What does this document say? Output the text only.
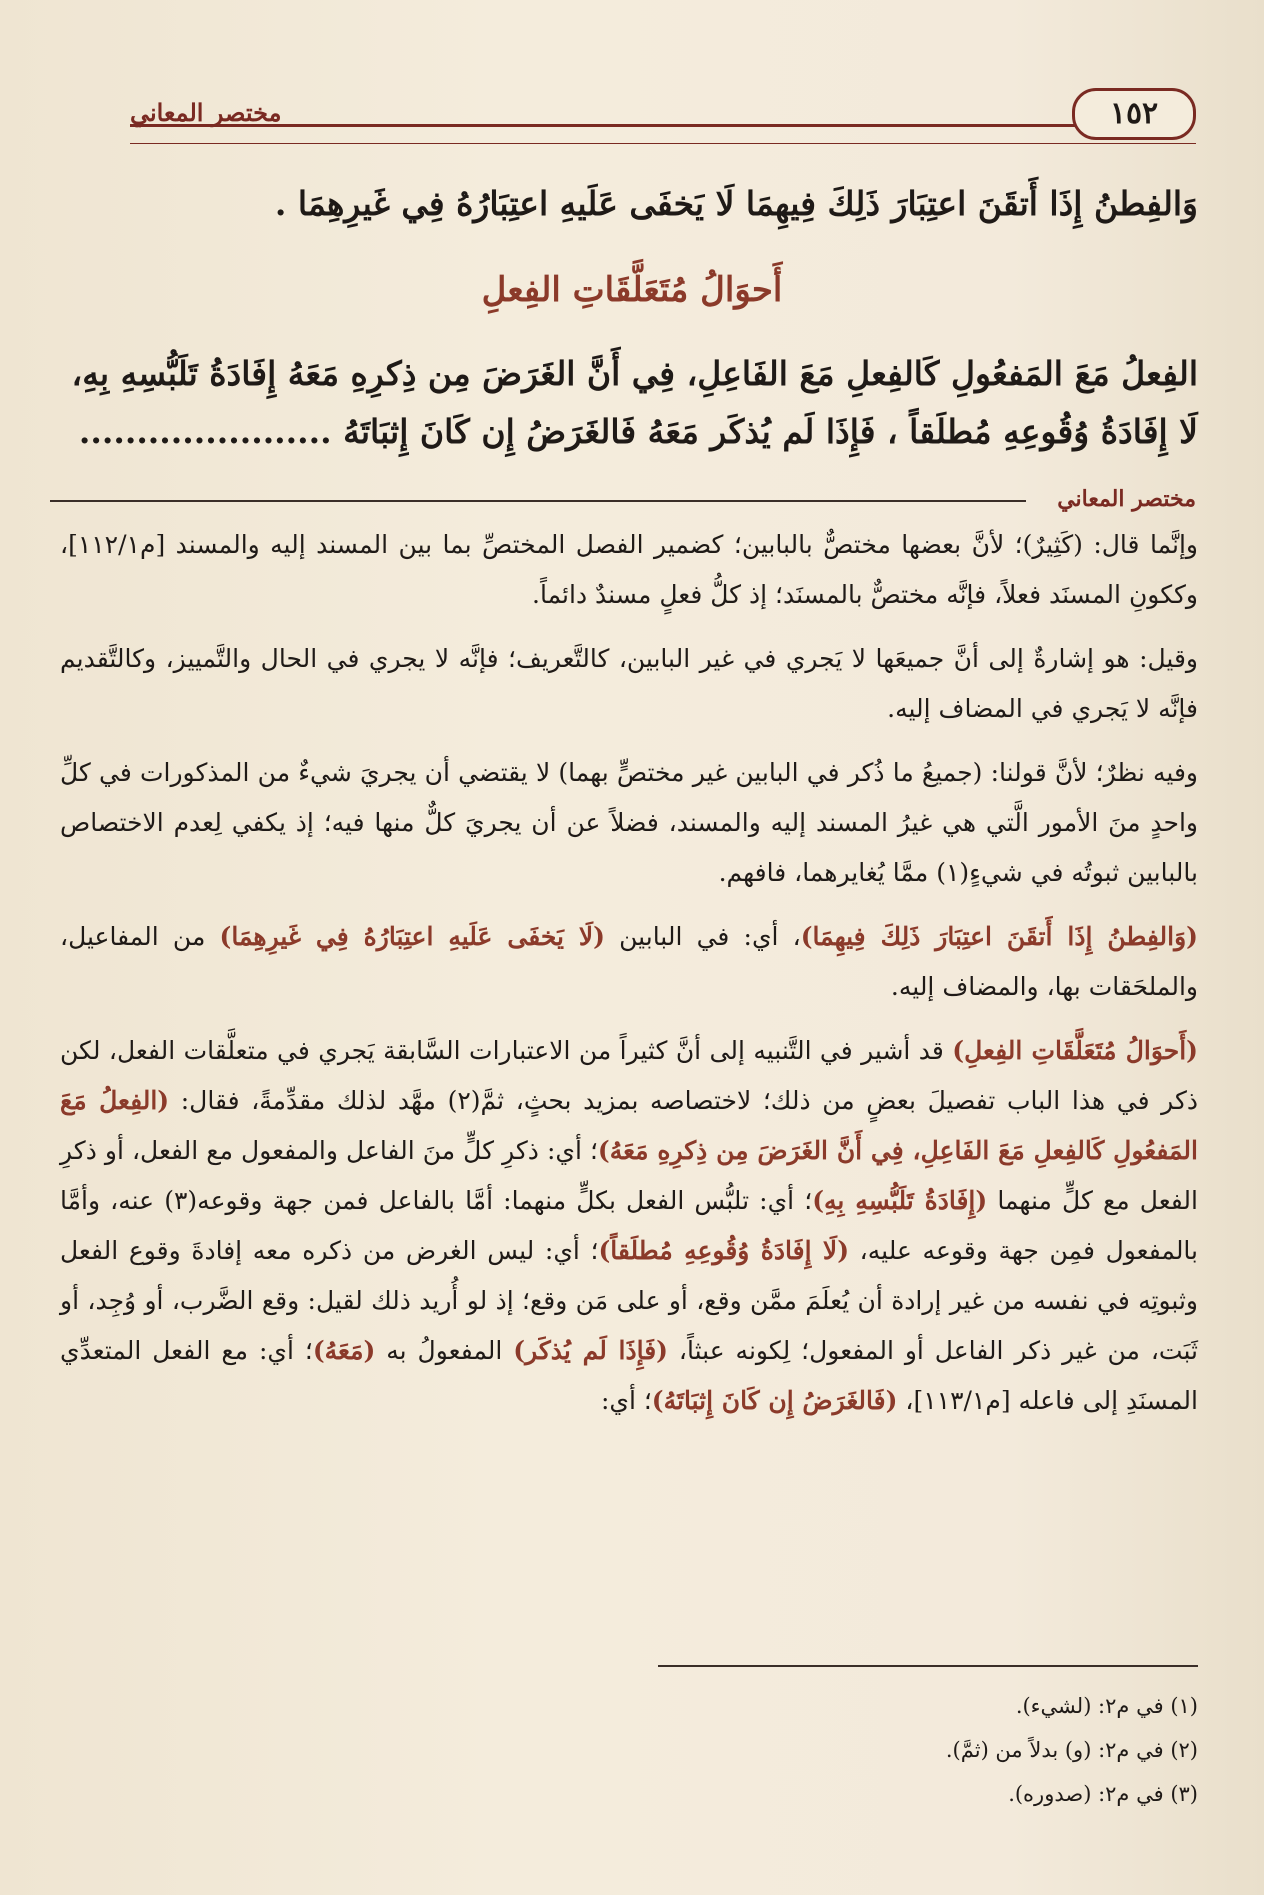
مختصر المعاني	١٥٢
وَالفِطنُ إِذَا أَتقَنَ اعتِبَارَ ذَلِكَ فِيهِمَا لَا يَخفَى عَلَيهِ اعتِبَارُهُ فِي غَيرِهِمَا .
أَحوَالُ مُتَعَلَّقَاتِ الفِعلِ
الفِعلُ مَعَ المَفعُولِ كَالفِعلِ مَعَ الفَاعِلِ، فِي أَنَّ الغَرَضَ مِن ذِكرِهِ مَعَهُ إِفَادَةُ تَلَبُّسِهِ بِهِ،
لَا إِفَادَةُ وُقُوعِهِ مُطلَقاً ، فَإِذَا لَم يُذكَر مَعَهُ فَالغَرَضُ إِن كَانَ إِثبَاتَهُ ......................
مختصر المعاني

وإنَّما قال: (كَثِيرٌ)؛ لأنَّ بعضها مختصٌّ بالبابين؛ كضمير الفصل المختصِّ بما بين المسند إليه والمسند [م١١٢/١]، وككونِ المسنَد فعلاً، فإنَّه مختصٌّ بالمسنَد؛ إذ كلُّ فعلٍ مسندٌ دائماً.

وقيل: هو إشارةٌ إلى أنَّ جميعَها لا يَجري في غير البابين، كالتَّعريف؛ فإنَّه لا يجري في الحال والتَّمييز، وكالتَّقديم فإنَّه لا يَجري في المضاف إليه.

وفيه نظرٌ؛ لأنَّ قولنا: (جميعُ ما ذُكر في البابين غير مختصٍّ بهما) لا يقتضي أن يجريَ شيءٌ من المذكورات في كلِّ واحدٍ منَ الأمور الَّتي هي غيرُ المسند إليه والمسند، فضلاً عن أن يجريَ كلٌّ منها فيه؛ إذ يكفي لِعدم الاختصاص بالبابين ثبوتُه في شيءٍ(١) ممَّا يُغايرهما، فافهم.

(وَالفِطنُ إِذَا أَتقَنَ اعتِبَارَ ذَلِكَ فِيهِمَا)، أي: في البابين (لَا يَخفَى عَلَيهِ اعتِبَارُهُ فِي غَيرِهِمَا) من المفاعيل، والملحَقات بها، والمضاف إليه.

(أَحوَالُ مُتَعَلَّقَاتِ الفِعلِ) قد أشير في التَّنبيه إلى أنَّ كثيراً من الاعتبارات السَّابقة يَجري في متعلَّقات الفعل، لكن ذكر في هذا الباب تفصيلَ بعضٍ من ذلك؛ لاختصاصه بمزيد بحثٍ، ثمَّ(٢) مهَّد لذلك مقدِّمةً، فقال: (الفِعلُ مَعَ المَفعُولِ كَالفِعلِ مَعَ الفَاعِلِ، فِي أَنَّ الغَرَضَ مِن ذِكرِهِ مَعَهُ)؛ أي: ذكرِ كلٍّ منَ الفاعل والمفعول مع الفعل، أو ذكرِ الفعل مع كلٍّ منهما (إِفَادَةُ تَلَبُّسِهِ بِهِ)؛ أي: تلبُّس الفعل بكلٍّ منهما: أمَّا بالفاعل فمن جهة وقوعه(٣) عنه، وأمَّا بالمفعول فمِن جهة وقوعه عليه، (لَا إِفَادَةُ وُقُوعِهِ مُطلَقاً)؛ أي: ليس الغرض من ذكره معه إفادةَ وقوع الفعل وثبوتِه في نفسه من غير إرادة أن يُعلَمَ ممَّن وقع، أو على مَن وقع؛ إذ لو أُريد ذلك لقيل: وقع الضَّرب، أو وُجِد، أو ثَبَت، من غير ذكر الفاعل أو المفعول؛ لِكونه عبثاً، (فَإِذَا لَم يُذكَر) المفعولُ به (مَعَهُ)؛ أي: مع الفعل المتعدِّي المسنَدِ إلى فاعله [م١١٣/١]، (فَالغَرَضُ إِن كَانَ إِثبَاتَهُ)؛ أي:

(١) في م٢: (لشيء).
(٢) في م٢: (و) بدلاً من (ثمَّ).
(٣) في م٢: (صدوره).
